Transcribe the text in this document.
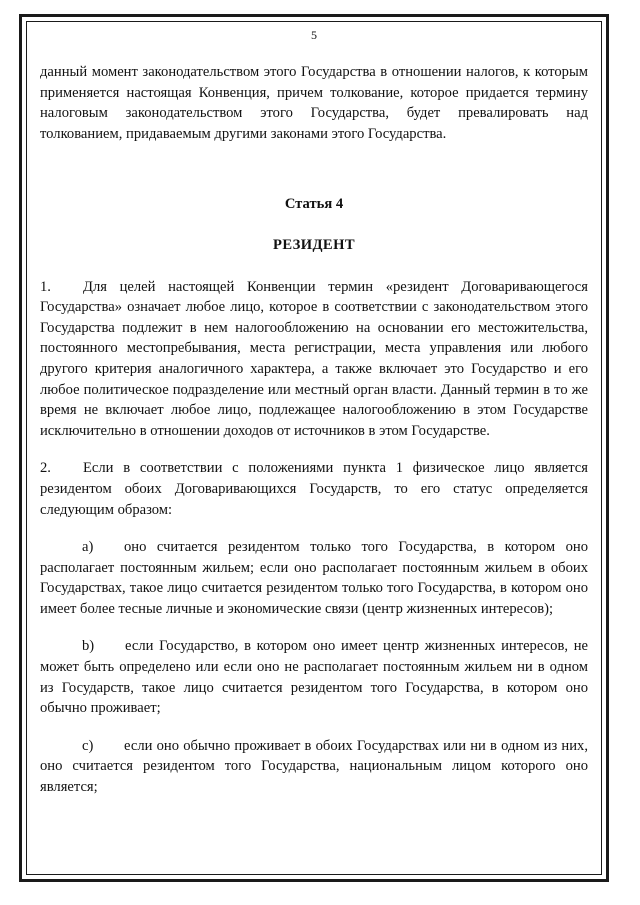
5

данный момент законодательством этого Государства в отношении налогов, к которым применяется настоящая Конвенция, причем толкование, которое придается термину налоговым законодательством этого Государства, будет превалировать над толкованием, придаваемым другими законами этого Государства.

Статья 4
РЕЗИДЕНТ

1. Для целей настоящей Конвенции термин «резидент Договаривающегося Государства» означает любое лицо, которое в соответствии с законодательством этого Государства подлежит в нем налогообложению на основании его местожительства, постоянного местопребывания, места регистрации, места управления или любого другого критерия аналогичного характера, а также включает это Государство и его любое политическое подразделение или местный орган власти. Данный термин в то же время не включает любое лицо, подлежащее налогообложению в этом Государстве исключительно в отношении доходов от источников в этом Государстве.

2. Если в соответствии с положениями пункта 1 физическое лицо является резидентом обоих Договаривающихся Государств, то его статус определяется следующим образом:

a) оно считается резидентом только того Государства, в котором оно располагает постоянным жильем; если оно располагает постоянным жильем в обоих Государствах, такое лицо считается резидентом только того Государства, в котором оно имеет более тесные личные и экономические связи (центр жизненных интересов);

b) если Государство, в котором оно имеет центр жизненных интересов, не может быть определено или если оно не располагает постоянным жильем ни в одном из Государств, такое лицо считается резидентом того Государства, в котором оно обычно проживает;

c) если оно обычно проживает в обоих Государствах или ни в одном из них, оно считается резидентом того Государства, национальным лицом которого оно является;
